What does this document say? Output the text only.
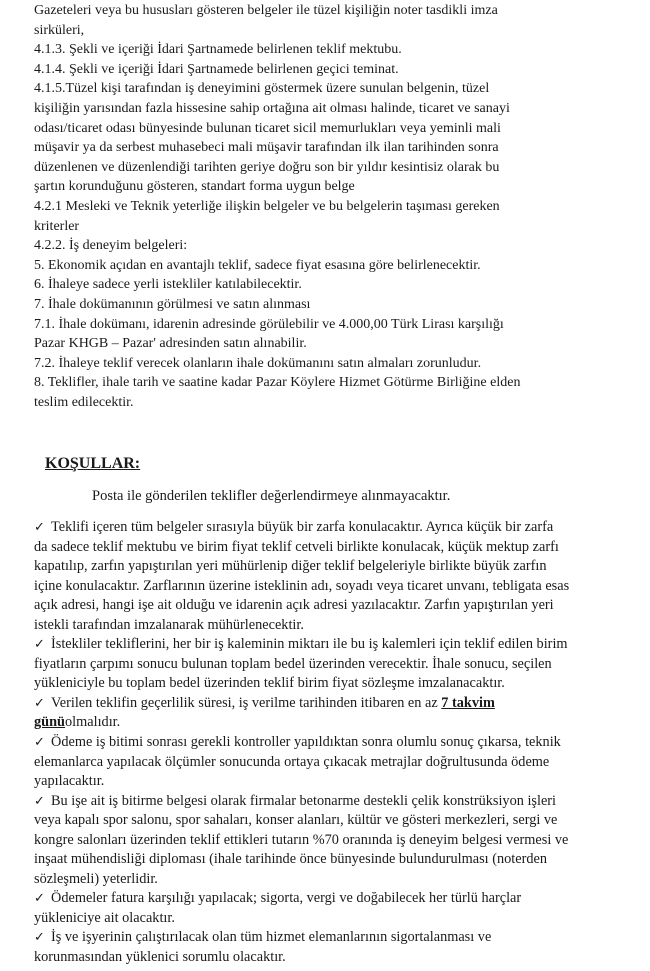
Gazeteleri veya bu hususları gösteren belgeler ile tüzel kişiliğin noter tasdikli imza

sirküleri,

4.1.3. Şekli ve içeriği İdari Şartnamede belirlenen teklif mektubu.

4.1.4. Şekli ve içeriği İdari Şartnamede belirlenen geçici teminat.

4.1.5.Tüzel kişi tarafından iş deneyimini göstermek üzere sunulan belgenin, tüzel

kişiliğin yarısından fazla hissesine sahip ortağına ait olması halinde, ticaret ve sanayi

odası/ticaret odası bünyesinde bulunan ticaret sicil memurlukları veya yeminli mali

müşavir ya da serbest muhasebeci mali müşavir tarafından ilk ilan tarihinden sonra

düzenlenen ve düzenlendiği tarihten geriye doğru son bir yıldır kesintisiz olarak bu

şartın korunduğunu gösteren, standart forma uygun belge

4.2.1 Mesleki ve Teknik yeterliğe ilişkin belgeler ve bu belgelerin taşıması gereken

kriterler

4.2.2. İş deneyim belgeleri:

5. Ekonomik açıdan en avantajlı teklif, sadece fiyat esasına göre belirlenecektir.

6. İhaleye sadece yerli istekliler katılabilecektir.

7. İhale dokümanının görülmesi ve satın alınması

7.1. İhale dokümanı, idarenin adresinde görülebilir ve 4.000,00 Türk Lirası karşılığı

Pazar KHGB – Pazar' adresinden satın alınabilir.

7.2. İhaleye teklif verecek olanların ihale dokümanını satın almaları zorunludur.

8. Teklifler, ihale tarih ve saatine kadar Pazar Köylere Hizmet Götürme Birliğine elden

teslim edilecektir.

KOŞULLAR:

Posta ile gönderilen teklifler değerlendirmeye alınmayacaktır.

✓ Teklifi içeren tüm belgeler sırasıyla büyük bir zarfa konulacaktır. Ayrıca küçük bir zarfa

da sadece teklif mektubu ve birim fiyat teklif cetveli birlikte konulacak, küçük mektup zarfı

kapatılıp, zarfın yapıştırılan yeri mühürlenip diğer teklif belgeleriyle birlikte büyük zarfın

içine konulacaktır. Zarflarının üzerine isteklinin adı, soyadı veya ticaret unvanı, tebligata esas

açık adresi, hangi işe ait olduğu ve idarenin açık adresi yazılacaktır. Zarfın yapıştırılan yeri

istekli tarafından imzalanarak mühürlenecektir.

✓ İstekliler tekliflerini, her bir iş kaleminin miktarı ile bu iş kalemleri için teklif edilen birim

fiyatların çarpımı sonucu bulunan toplam bedel üzerinden verecektir. İhale sonucu, seçilen

yükleniciyle bu toplam bedel üzerinden teklif birim fiyat sözleşme imzalanacaktır.

✓ Verilen teklifin geçerlilik süresi, iş verilme tarihinden itibaren en az 7 takvim

günüolmalıdır.

✓ Ödeme iş bitimi sonrası gerekli kontroller yapıldıktan sonra olumlu sonuç çıkarsa, teknik

elemanlarca yapılacak ölçümler sonucunda ortaya çıkacak metrajlar doğrultusunda ödeme

yapılacaktır.

✓ Bu işe ait iş bitirme belgesi olarak firmalar betonarme destekli çelik konstrüksiyon işleri

veya kapalı spor salonu, spor sahaları, konser alanları, kültür ve gösteri merkezleri, sergi ve

kongre salonları üzerinden teklif ettikleri tutarın %70 oranında iş deneyim belgesi vermesi ve

inşaat mühendisliği diploması (ihale tarihinde önce bünyesinde bulundurulması (noterden

sözleşmeli) yeterlidir.

✓ Ödemeler fatura karşılığı yapılacak; sigorta, vergi ve doğabilecek her türlü harçlar

yükleniciye ait olacaktır.

✓ İş ve işyerinin çalıştırılacak olan tüm hizmet elemanlarının sigortalanması ve

korunmasından yüklenici sorumlu olacaktır.
